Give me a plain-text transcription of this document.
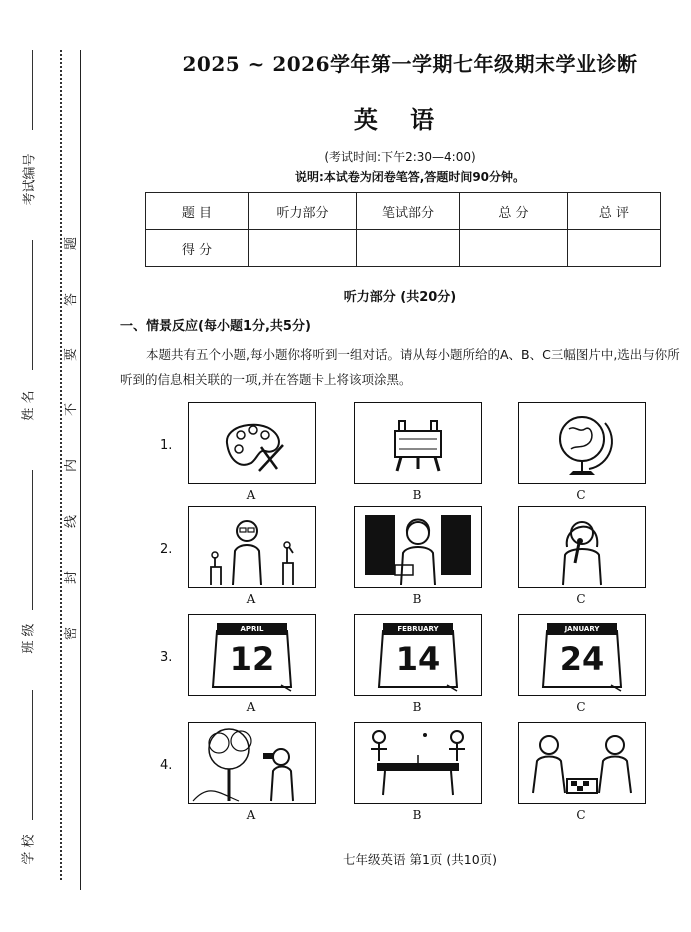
考试编号
姓 名
班 级
学 校
题
答
要
不
内
线
封
密
2025 ~ 2026学年第一学期七年级期末学业诊断
英 语
(考试时间:下午2:30—4:00)
说明:本试卷为闭卷笔答,答题时间90分钟。
题 目	听力部分	笔试部分	总 分	总 评
得 分				
听力部分 (共20分)
一、情景反应(每小题1分,共5分)
本题共有五个小题,每小题你将听到一组对话。请从每小题所给的A、B、C三幅图片中,选出与你所听到的信息相关联的一项,并在答题卡上将该项涂黑。
1.
A	B	C
2.
A	B	C
3.
APRIL
12
FEBRUARY
14
JANUARY
24
A	B	C
4.
A	B	C
七年级英语 第1页 (共10页)
